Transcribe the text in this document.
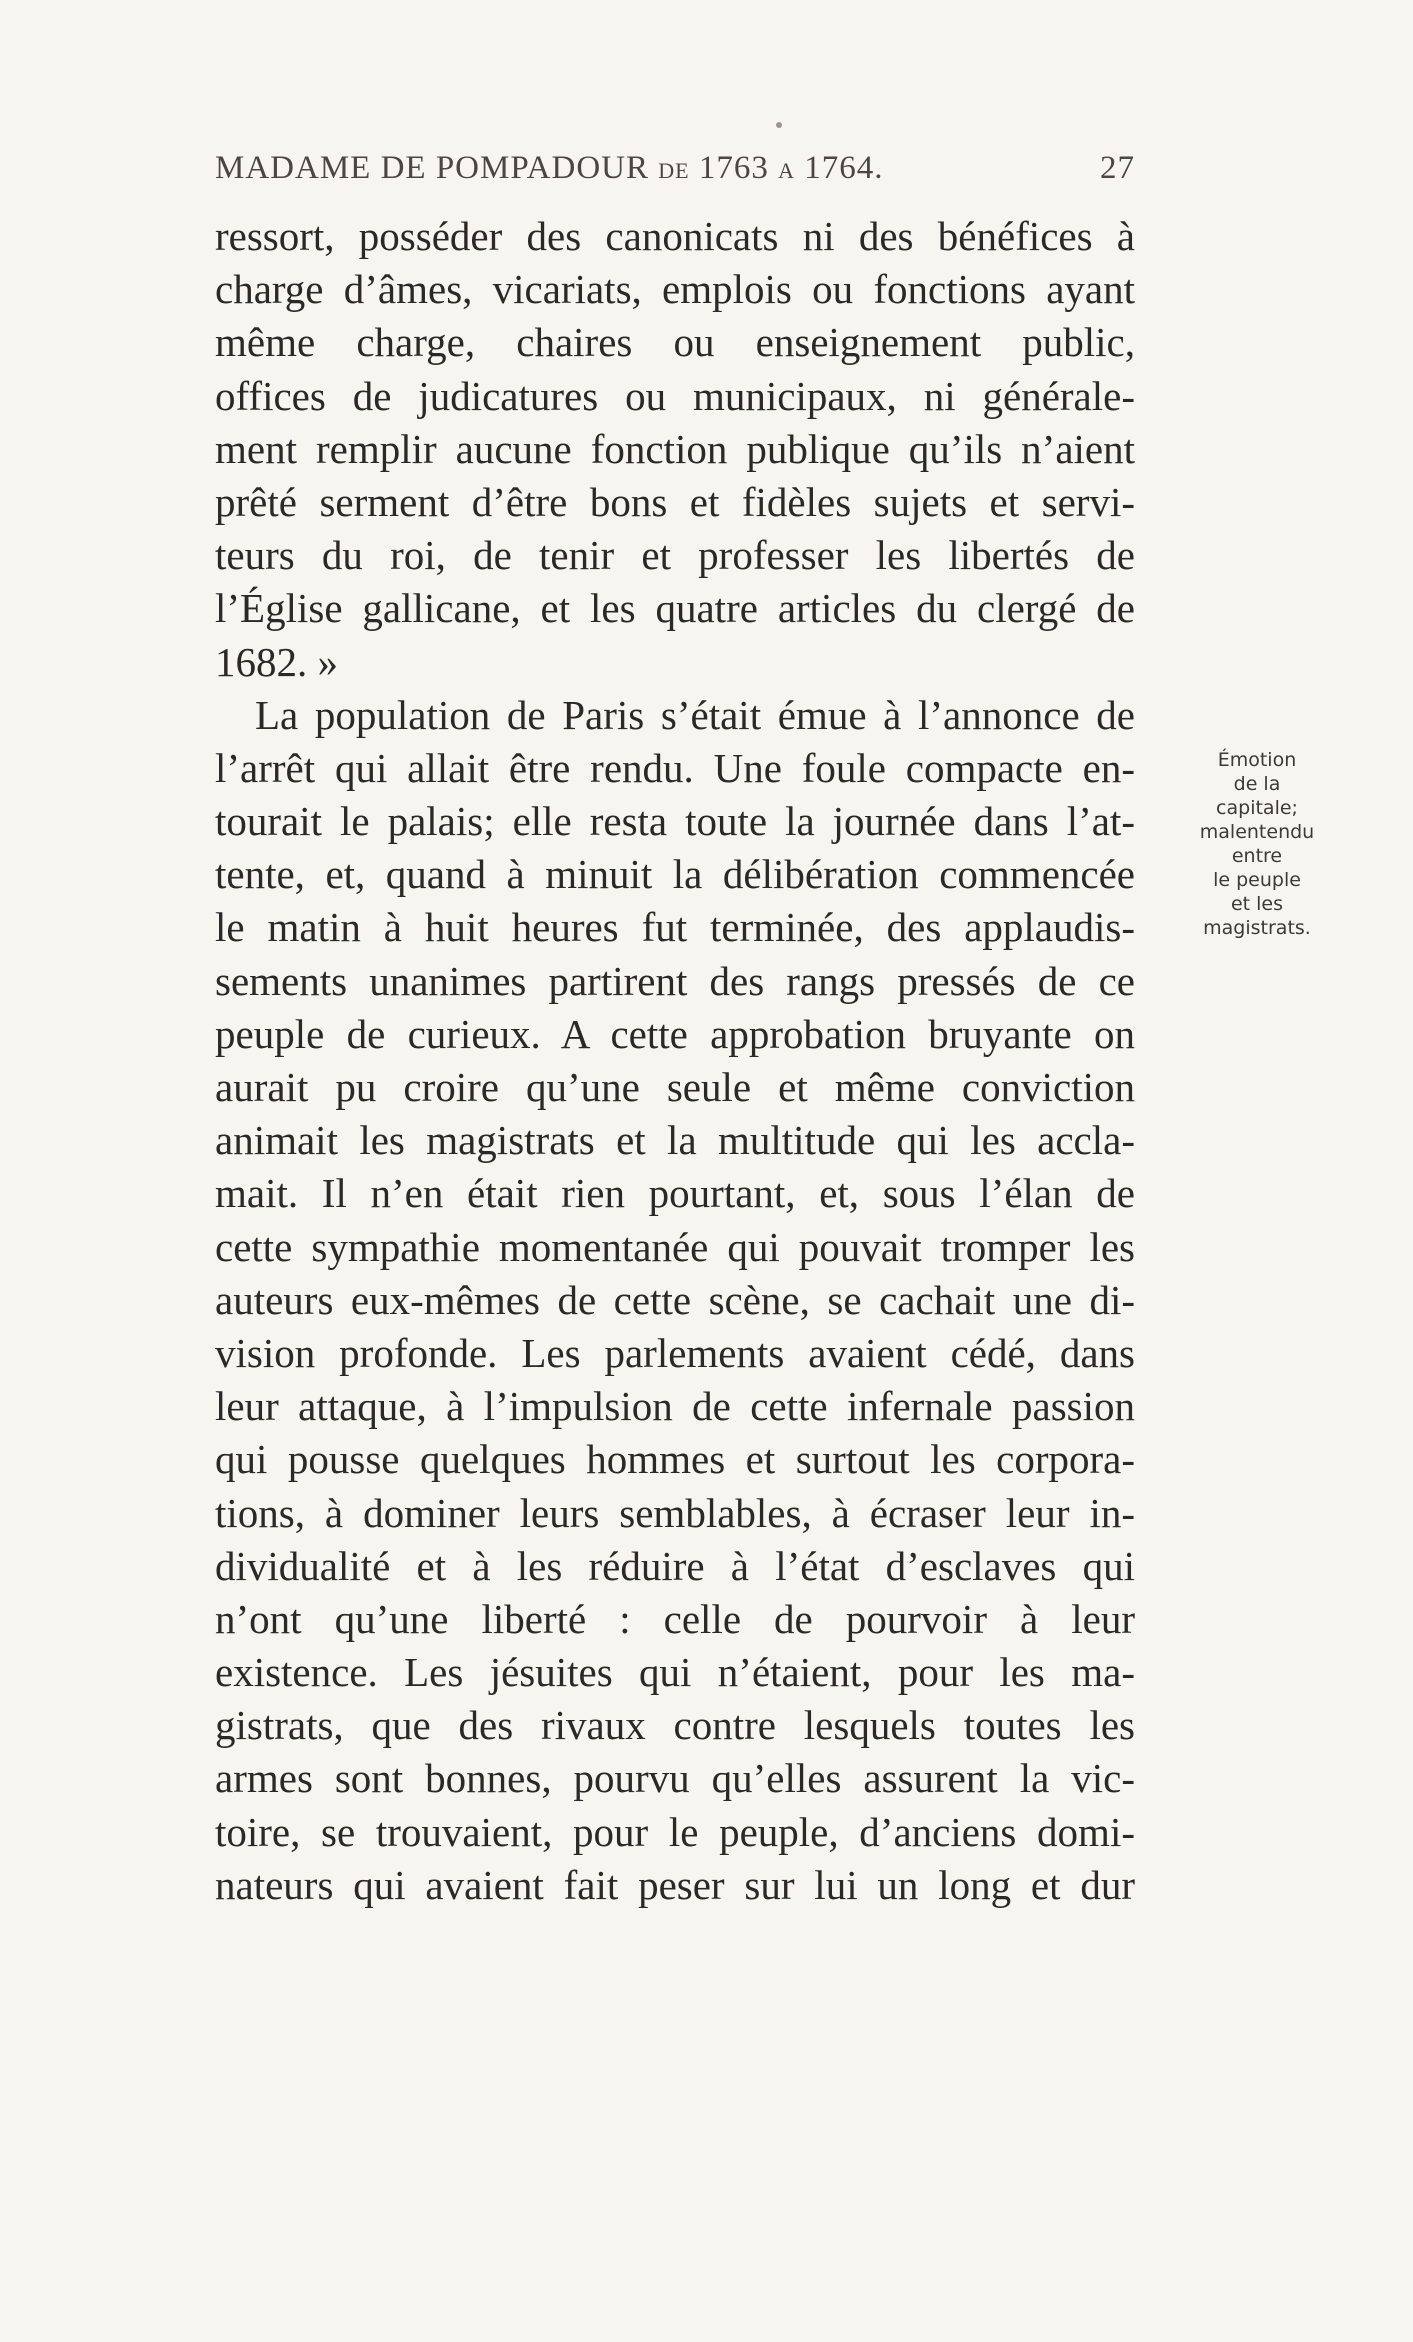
MADAME DE POMPADOUR DE 1763 A 1764.	27
ressort, posséder des canonicats ni des bénéfices à
charge d’âmes, vicariats, emplois ou fonctions ayant
même charge, chaires ou enseignement public,
offices de judicatures ou municipaux, ni générale-
ment remplir aucune fonction publique qu’ils n’aient
prêté serment d’être bons et fidèles sujets et servi-
teurs du roi, de tenir et professer les libertés de
l’Église gallicane, et les quatre articles du clergé de
1682. »
La population de Paris s’était émue à l’annonce de
l’arrêt qui allait être rendu. Une foule compacte en-
tourait le palais; elle resta toute la journée dans l’at-
tente, et, quand à minuit la délibération commencée
le matin à huit heures fut terminée, des applaudis-
sements unanimes partirent des rangs pressés de ce
peuple de curieux. A cette approbation bruyante on
aurait pu croire qu’une seule et même conviction
animait les magistrats et la multitude qui les accla-
mait. Il n’en était rien pourtant, et, sous l’élan de
cette sympathie momentanée qui pouvait tromper les
auteurs eux-mêmes de cette scène, se cachait une di-
vision profonde. Les parlements avaient cédé, dans
leur attaque, à l’impulsion de cette infernale passion
qui pousse quelques hommes et surtout les corpora-
tions, à dominer leurs semblables, à écraser leur in-
dividualité et à les réduire à l’état d’esclaves qui
n’ont qu’une liberté : celle de pourvoir à leur
existence. Les jésuites qui n’étaient, pour les ma-
gistrats, que des rivaux contre lesquels toutes les
armes sont bonnes, pourvu qu’elles assurent la vic-
toire, se trouvaient, pour le peuple, d’anciens domi-
nateurs qui avaient fait peser sur lui un long et dur
Émotion
de la
capitale;
malentendu
entre
le peuple
et les
magistrats.
